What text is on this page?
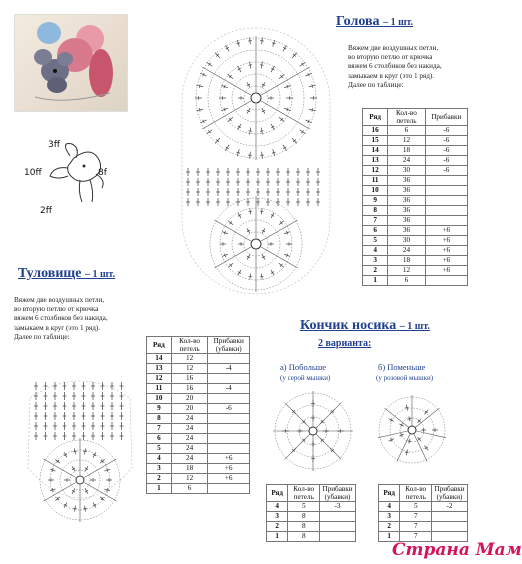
3ff
10ff	8f
2ff
Голова – 1 шт.
Вяжем две воздушных петли,
во вторую петлю от крючка
вяжем 6 столбиков без накида,
замыкаем в круг (это 1 ряд).
Далее по таблице:
Ряд	Кол-во петель	Прибавки
16	6	-6
15	12	-6
14	18	-6
13	24	-6
12	30	-6
11	36	
10	36	
9	36	
8	36	
7	36	
6	36	+6
5	30	+6
4	24	+6
3	18	+6
2	12	+6
1	6	
Туловище – 1 шт.
Вяжем две воздушных петли,
во вторую петлю от крючка
вяжем 6 столбиков без накида,
замыкаем в круг (это 1 ряд).
Далее по таблице:
Ряд	Кол-во петель	Прибавки (убавки)
14	12	
13	12	-4
12	16	
11	16	-4
10	20	
9	20	-6
8	24	
7	24	
6	24	
5	24	
4	24	+6
3	18	+6
2	12	+6
1	6	
Кончик носика – 1 шт.
2 варианта:
а) Побольше
(у серой мышки)
б) Поменьше
(у розовой мышки)
Ряд	Кол-во петель	Прибавки (убавки)
4	5	-3
3	8	
2	8	
1	8	
Ряд	Кол-во петель	Прибавки (убавки)
4	5	-2
3	7	
2	7	
1	7	
Страна Мам
